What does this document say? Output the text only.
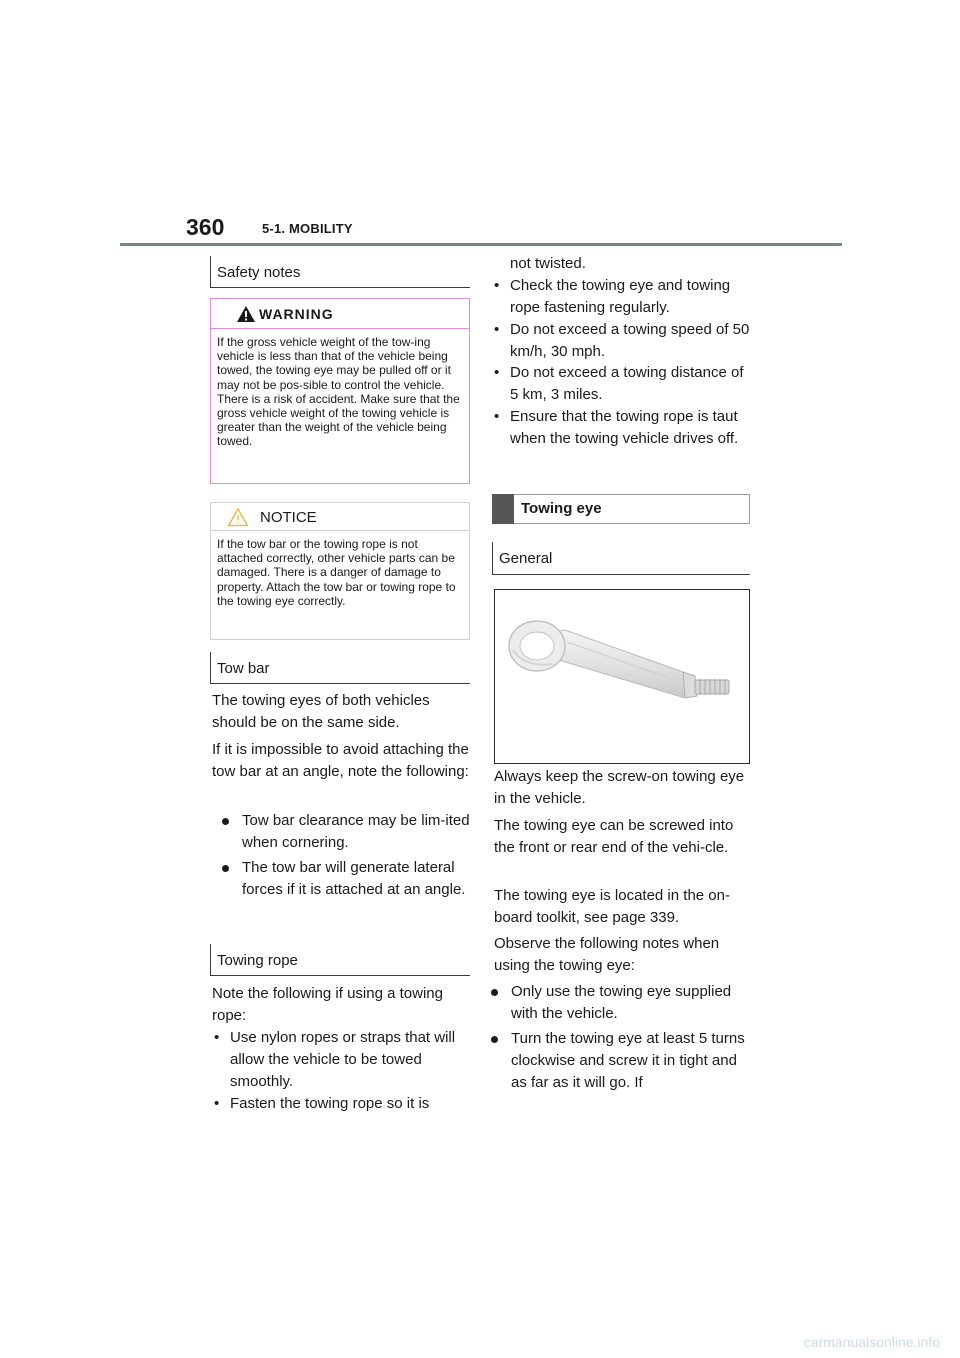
360	5-1. MOBILITY
Safety notes
WARNING
If the gross vehicle weight of the tow-ing vehicle is less than that of the vehicle being towed, the towing eye may be pulled off or it may not be pos-sible to control the vehicle. There is a risk of accident. Make sure that the gross vehicle weight of the towing vehicle is greater than the weight of the vehicle being towed.
NOTICE
If the tow bar or the towing rope is not attached correctly, other vehicle parts can be damaged. There is a danger of damage to property. Attach the tow bar or towing rope to the towing eye correctly.
Tow bar
The towing eyes of both vehicles should be on the same side.
If it is impossible to avoid attaching the tow bar at an angle, note the following:
Tow bar clearance may be lim-ited when cornering.
The tow bar will generate lateral forces if it is attached at an angle.
Towing rope
Note the following if using a towing rope:
• Use nylon ropes or straps that will allow the vehicle to be towed smoothly.
• Fasten the towing rope so it is
not twisted.
• Check the towing eye and towing rope fastening regularly.
• Do not exceed a towing speed of 50 km/h, 30 mph.
• Do not exceed a towing distance of 5 km, 3 miles.
• Ensure that the towing rope is taut when the towing vehicle drives off.
Towing eye
General
Always keep the screw-on towing eye in the vehicle.
The towing eye can be screwed into the front or rear end of the vehi-cle.
The towing eye is located in the on-board toolkit, see page 339.
Observe the following notes when using the towing eye:
Only use the towing eye supplied with the vehicle.
Turn the towing eye at least 5 turns clockwise and screw it in tight and as far as it will go. If
carmanualsonline.info
